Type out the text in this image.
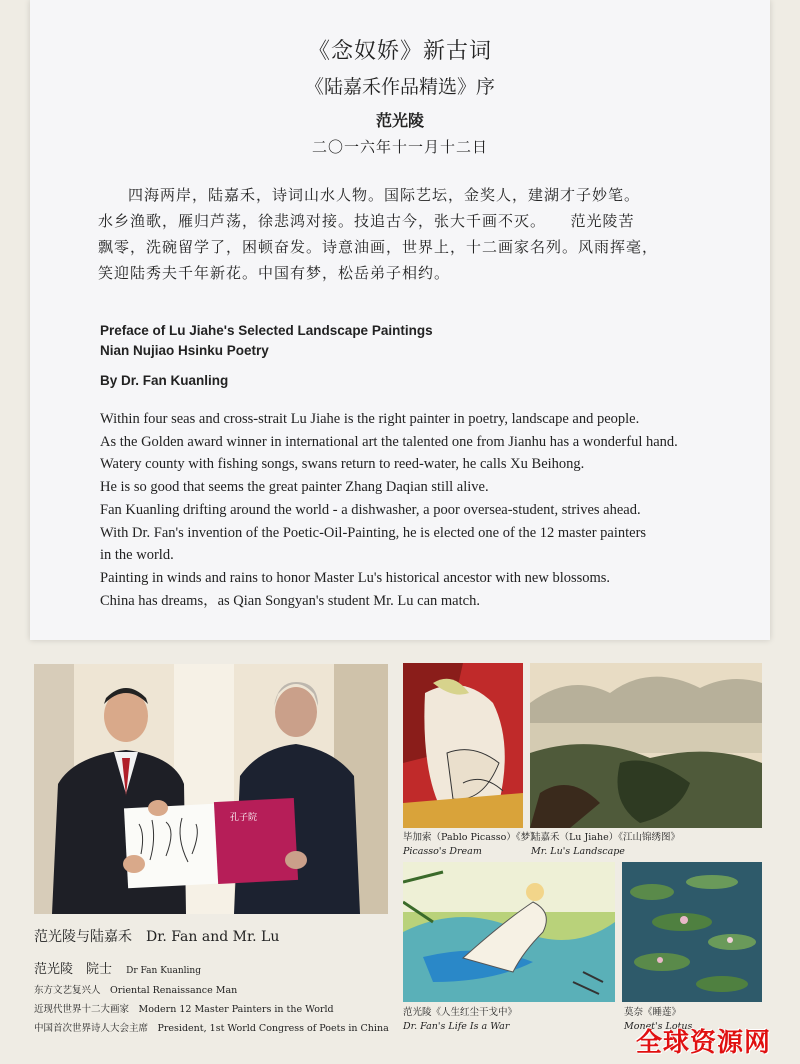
《念奴娇》新古词
《陆嘉禾作品精选》序
范光陵
二〇一六年十一月十二日
四海两岸，陆嘉禾，诗词山水人物。国际艺坛，金奖人，建湖才子妙笔。
水乡渔歌，雁归芦荡，徐悲鸿对接。技追古今，张大千画不灭。　　范光陵苦
飘零，洗碗留学了，困顿奋发。诗意油画，世界上，十二画家名列。风雨挥毫，
笑迎陆秀夫千年新花。中国有梦，松岳弟子相约。
Preface of Lu Jiahe's Selected Landscape Paintings
Nian Nujiao Hsinku Poetry
By Dr. Fan Kuanling
Within four seas and cross-strait Lu Jiahe is the right painter in poetry, landscape and people.
As the Golden award winner in international art the talented one from Jianhu has a wonderful hand.
Watery county with fishing songs, swans return to reed-water, he calls Xu Beihong.
He is so good that seems the great painter Zhang Daqian still alive.
Fan Kuanling drifting around the world - a dishwasher, a poor oversea-student, strives ahead.
With Dr. Fan's invention of the Poetic-Oil-Painting, he is elected one of the 12 master painters
in the world.
Painting in winds and rains to honor Master Lu's historical ancestor with new blossoms.
China has dreams，as Qian Songyan's student Mr. Lu can match.
孔子院
范光陵与陆嘉禾　Dr. Fan and Mr. Lu
范光陵　院士 Dr Fan Kuanling
东方文艺复兴人　Oriental Renaissance Man
近现代世界十二大画家　Modern 12 Master Painters in the World
中国首次世界诗人大会主席　President, 1st World Congress of Poets in China
毕加索（Pablo Picasso）《梦》
Picasso's Dream
陆嘉禾（Lu Jiahe）《江山锦绣图》
Mr. Lu's Landscape
范光陵《人生红尘干戈中》
Dr. Fan's Life Is a War
莫奈《睡莲》
Monet's Lotus
全球资源网
